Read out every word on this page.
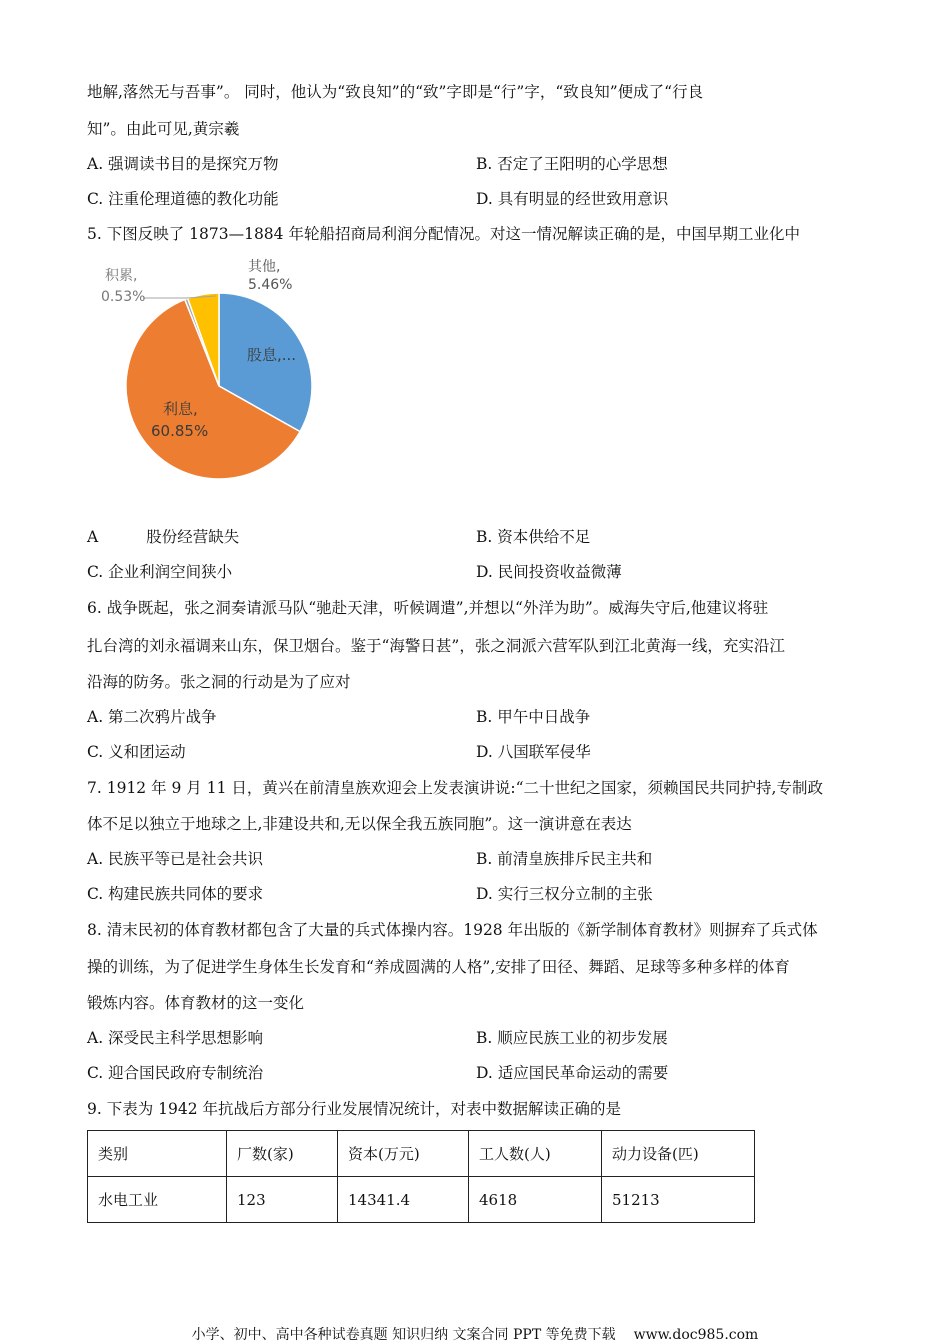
地解,落然无与吾事”。 同时，他认为“致良知”的“致”字即是“行”字，“致良知”便成了“行良
知”。由此可见,黄宗羲
A. 强调读书目的是探究万物	B. 否定了王阳明的心学思想
C. 注重伦理道德的教化功能	D. 具有明显的经世致用意识
5. 下图反映了 1873—1884 年轮船招商局利润分配情况。对这一情况解读正确的是，中国早期工业化中
积累,
0.53%
其他,
5.46%
股息,...
利息,
60.85%
A	股份经营缺失	B. 资本供给不足
C. 企业利润空间狭小	D. 民间投资收益微薄
6. 战争既起，张之洞奏请派马队“驰赴天津，听候调遣”,并想以“外洋为助”。威海失守后,他建议将驻
扎台湾的刘永福调来山东，保卫烟台。鉴于“海警日甚”，张之洞派六营军队到江北黄海一线，充实沿江
沿海的防务。张之洞的行动是为了应对
A. 第二次鸦片战争	B. 甲午中日战争
C. 义和团运动	D. 八国联军侵华
7. 1912 年 9 月 11 日，黄兴在前清皇族欢迎会上发表演讲说:“二十世纪之国家，须赖国民共同护持,专制政
体不足以独立于地球之上,非建设共和,无以保全我五族同胞”。这一演讲意在表达
A. 民族平等已是社会共识	B. 前清皇族排斥民主共和
C. 构建民族共同体的要求	D. 实行三权分立制的主张
8. 清末民初的体育教材都包含了大量的兵式体操内容。1928 年出版的《新学制体育教材》则摒弃了兵式体
操的训练，为了促进学生身体生长发育和“养成圆满的人格”,安排了田径、舞蹈、足球等多种多样的体育
锻炼内容。体育教材的这一变化
A. 深受民主科学思想影响	B. 顺应民族工业的初步发展
C. 迎合国民政府专制统治	D. 适应国民革命运动的需要
9. 下表为 1942 年抗战后方部分行业发展情况统计，对表中数据解读正确的是
类别	厂数(家)	资本(万元)	工人数(人)	动力设备(匹)
水电工业	123	14341.4	4618	51213
小学、初中、高中各种试卷真题 知识归纳 文案合同 PPT 等免费下载 www.doc985.com
